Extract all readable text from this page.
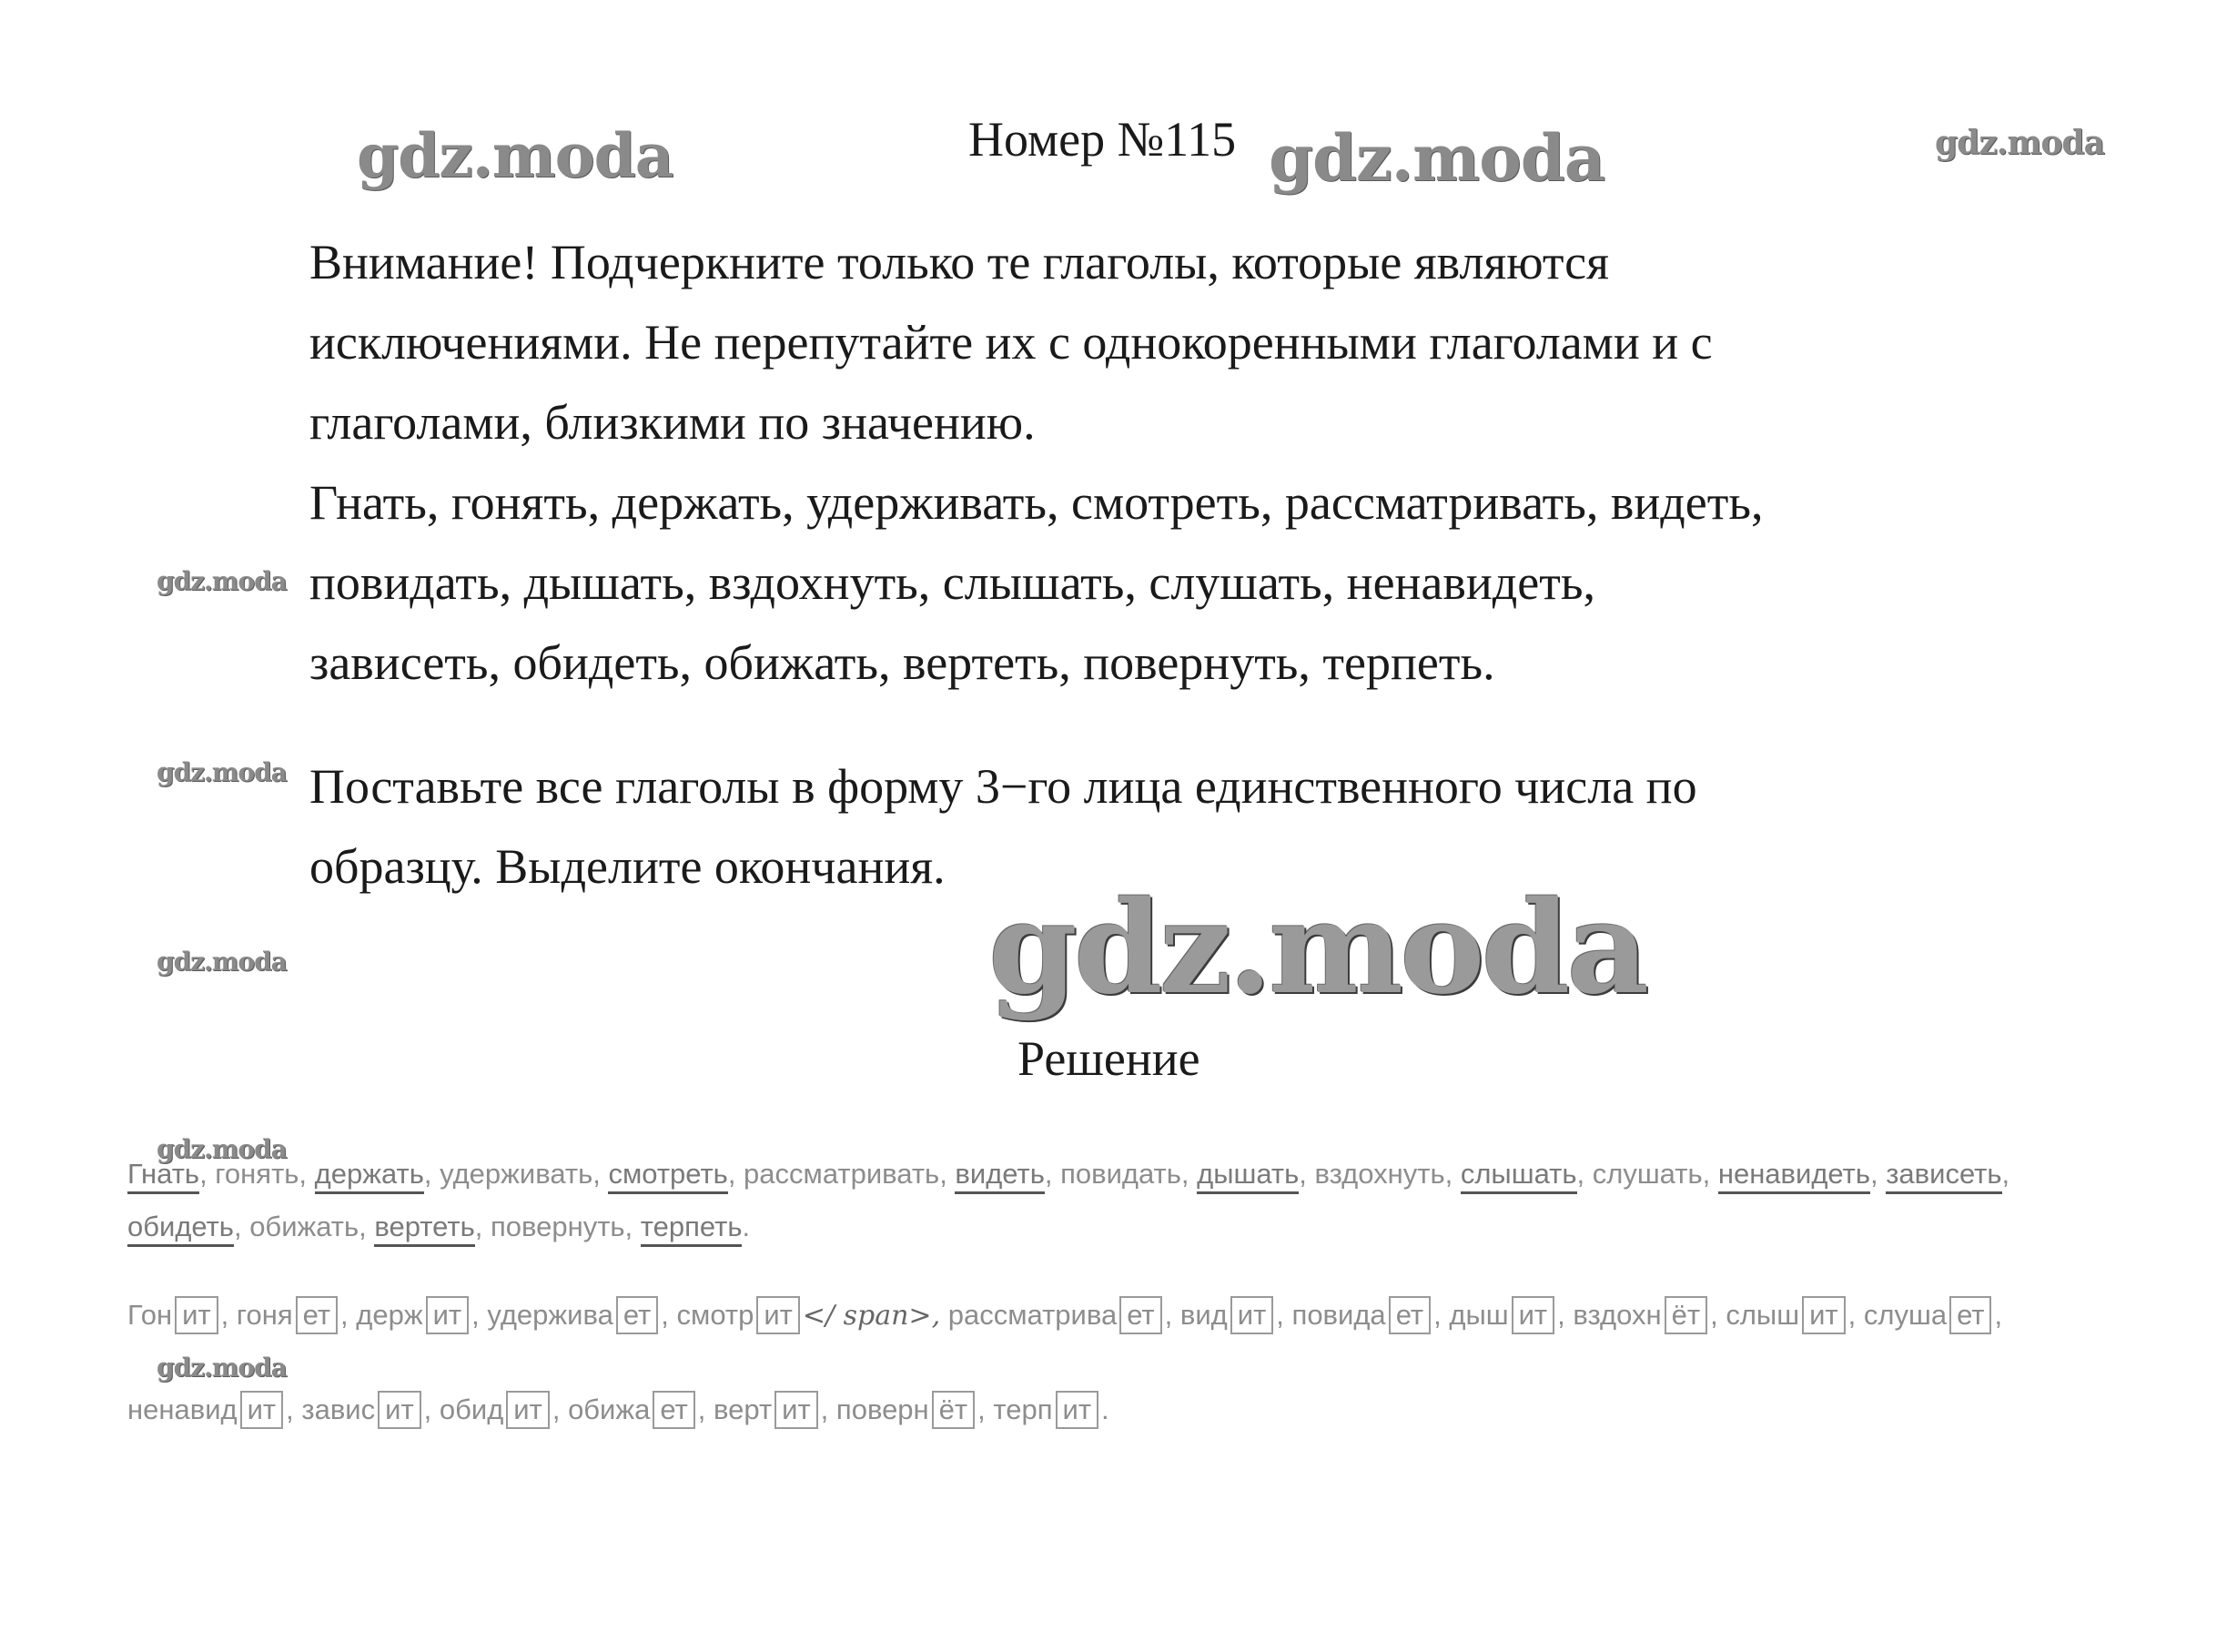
gdz.moda	gdz.moda	gdz.moda
gdz.moda
gdz.moda
gdz.moda	gdz.moda
gdz.moda
gdz.moda
Номер №115

Внимание! Подчеркните только те глаголы, которые являются

исключениями. Не перепутайте их с однокоренными глаголами и с

глаголами, близкими по значению.

Гнать, гонять, держать, удерживать, смотреть, рассматривать, видеть,

повидать, дышать, вздохнуть, слышать, слушать, ненавидеть,

зависеть, обидеть, обижать, вертеть, повернуть, терпеть.

Поставьте все глаголы в форму 3−го лица единственного числа по

образцу. Выделите окончания.

Решение
Гнать, гонять, держать, удерживать, смотреть, рассматривать, видеть, повидать, дышать, вздохнуть, слышать, слушать, ненавидеть, зависеть,
обидеть, обижать, вертеть, повернуть, терпеть.
Гон ит , гоня ет , держ ит , удержива ет , смотр ит </ span>, рассматрива ет , вид ит , повида ет , дыш ит , вздохн ёт , слыш ит , слуша ет ,
ненавид ит , завис ит , обид ит , обижа ет , верт ит , поверн ёт , терп ит .
